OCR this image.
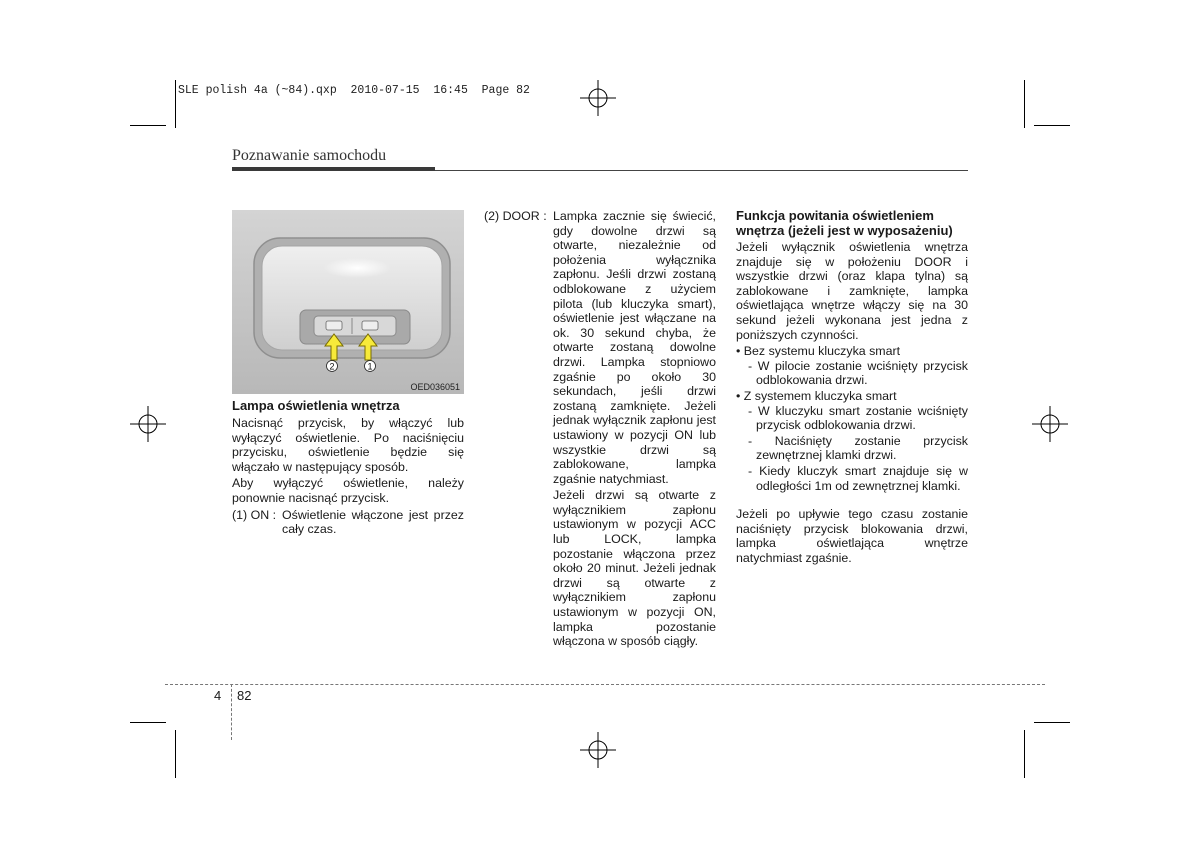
SLE polish 4a (~84).qxp  2010-07-15  16:45  Page 82
Poznawanie samochodu
2	1
OED036051

Lampa oświetlenia wnętrza

Nacisnąć przycisk, by włączyć lub
wyłączyć oświetlenie. Po naciśnięciu
przycisku, oświetlenie będzie się
włączało w następujący sposób.
Aby wyłączyć oświetlenie, należy
ponownie nacisnąć przycisk.
(1) ON : Oświetlenie włączone jest przez
cały czas.
(2) DOOR : Lampka zacznie się świecić,
gdy dowolne drzwi są
otwarte, niezależnie od
położenia wyłącznika
zapłonu. Jeśli drzwi zostaną
odblokowane z użyciem
pilota (lub kluczyka smart),
oświetlenie jest włączane na
ok. 30 sekund chyba, że
otwarte zostaną dowolne
drzwi. Lampka stopniowo
zgaśnie po około 30
sekundach, jeśli drzwi
zostaną zamknięte. Jeżeli
jednak wyłącznik zapłonu jest
ustawiony w pozycji ON lub
wszystkie drzwi są
zablokowane, lampka
zgaśnie natychmiast.
Jeżeli drzwi są otwarte z
wyłącznikiem zapłonu
ustawionym w pozycji ACC
lub LOCK, lampka
pozostanie włączona przez
około 20 minut. Jeżeli jednak
drzwi są otwarte z
wyłącznikiem zapłonu
ustawionym w pozycji ON,
lampka pozostanie
włączona w sposób ciągły.
Funkcja powitania oświetleniem
wnętrza (jeżeli jest w wyposażeniu)
Jeżeli wyłącznik oświetlenia wnętrza
znajduje się w położeniu DOOR i
wszystkie drzwi (oraz klapa tylna) są
zablokowane i zamknięte, lampka
oświetlająca wnętrze włączy się na 30
sekund jeżeli wykonana jest jedna z
poniższych czynności.
• Bez systemu kluczyka smart
- W pilocie zostanie wciśnięty przycisk
odblokowania drzwi.
• Z systemem kluczyka smart
- W kluczyku smart zostanie wciśnięty
przycisk odblokowania drzwi.
- Naciśnięty zostanie przycisk
zewnętrznej klamki drzwi.
- Kiedy kluczyk smart znajduje się w
odległości 1m od zewnętrznej klamki.
Jeżeli po upływie tego czasu zostanie
naciśnięty przycisk blokowania drzwi,
lampka oświetlająca wnętrze
natychmiast zgaśnie.
4 82
